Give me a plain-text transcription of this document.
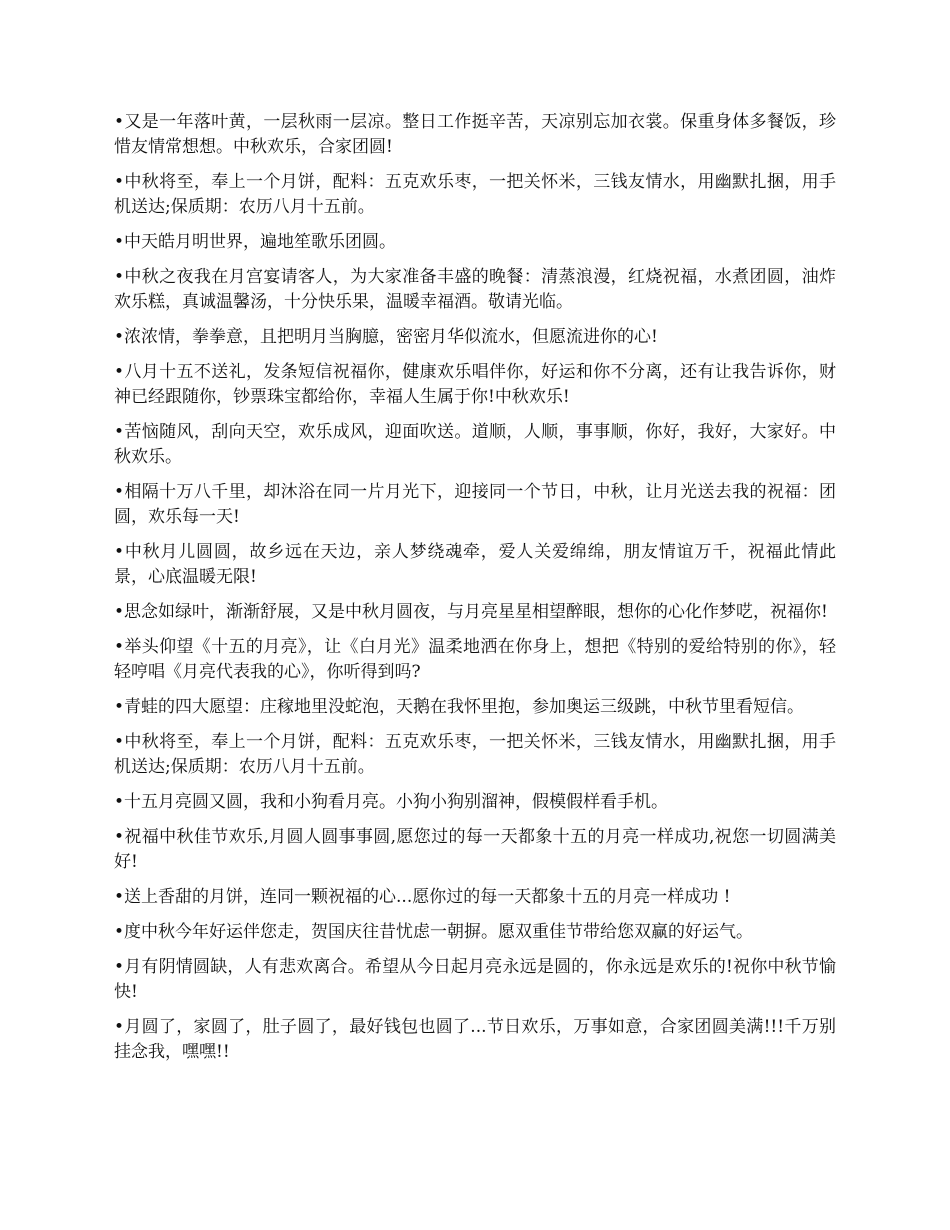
•又是一年落叶黄，一层秋雨一层凉。整日工作挺辛苦，天凉别忘加衣裳。保重身体多餐饭，珍惜友情常想想。中秋欢乐，合家团圆!

•中秋将至，奉上一个月饼，配料：五克欢乐枣，一把关怀米，三钱友情水，用幽默扎捆，用手机送达;保质期：农历八月十五前。

•中天皓月明世界，遍地笙歌乐团圆。

•中秋之夜我在月宫宴请客人，为大家准备丰盛的晚餐：清蒸浪漫，红烧祝福，水煮团圆，油炸欢乐糕，真诚温馨汤，十分快乐果，温暖幸福酒。敬请光临。

•浓浓情，拳拳意，且把明月当胸臆，密密月华似流水，但愿流进你的心!

•八月十五不送礼，发条短信祝福你，健康欢乐唱伴你，好运和你不分离，还有让我告诉你，财神已经跟随你，钞票珠宝都给你，幸福人生属于你!中秋欢乐!

•苦恼随风，刮向天空，欢乐成风，迎面吹送。道顺，人顺，事事顺，你好，我好，大家好。中秋欢乐。

•相隔十万八千里，却沐浴在同一片月光下，迎接同一个节日，中秋，让月光送去我的祝福：团圆，欢乐每一天!

•中秋月儿圆圆，故乡远在天边，亲人梦绕魂牵，爱人关爱绵绵，朋友情谊万千，祝福此情此景，心底温暖无限!

•思念如绿叶，渐渐舒展，又是中秋月圆夜，与月亮星星相望醉眼，想你的心化作梦呓，祝福你!

•举头仰望《十五的月亮》，让《白月光》温柔地洒在你身上，想把《特别的爱给特别的你》，轻轻哼唱《月亮代表我的心》，你听得到吗?

•青蛙的四大愿望：庄稼地里没蛇泡，天鹅在我怀里抱，参加奥运三级跳，中秋节里看短信。

•中秋将至，奉上一个月饼，配料：五克欢乐枣，一把关怀米，三钱友情水，用幽默扎捆，用手机送达;保质期：农历八月十五前。

•十五月亮圆又圆，我和小狗看月亮。小狗小狗别溜神，假模假样看手机。

•祝福中秋佳节欢乐,月圆人圆事事圆,愿您过的每一天都象十五的月亮一样成功,祝您一切圆满美好!

•送上香甜的月饼，连同一颗祝福的心...愿你过的每一天都象十五的月亮一样成功 !

•度中秋今年好运伴您走，贺国庆往昔忧虑一朝摒。愿双重佳节带给您双赢的好运气。

•月有阴情圆缺，人有悲欢离合。希望从今日起月亮永远是圆的，你永远是欢乐的!祝你中秋节愉快!

•月圆了，家圆了，肚子圆了，最好钱包也圆了...节日欢乐，万事如意，合家团圆美满!!!千万别挂念我，嘿嘿!!
